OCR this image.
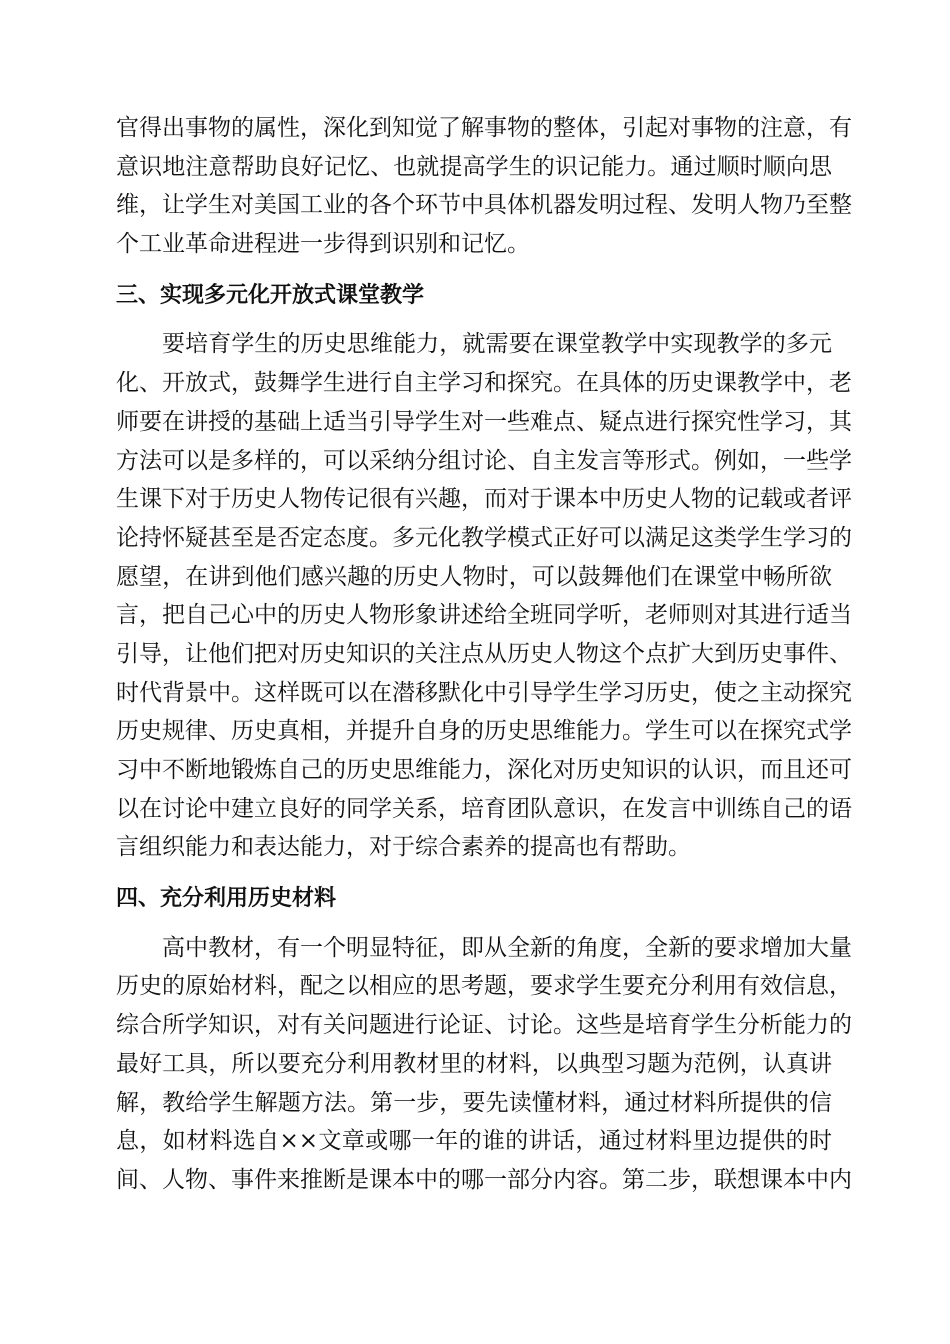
官得出事物的属性，深化到知觉了解事物的整体，引起对事物的注意，有
意识地注意帮助良好记忆、也就提高学生的识记能力。通过顺时顺向思
维，让学生对美国工业的各个环节中具体机器发明过程、发明人物乃至整
个工业革命进程进一步得到识别和记忆。
三、实现多元化开放式课堂教学
要培育学生的历史思维能力，就需要在课堂教学中实现教学的多元
化、开放式，鼓舞学生进行自主学习和探究。在具体的历史课教学中，老
师要在讲授的基础上适当引导学生对一些难点、疑点进行探究性学习，其
方法可以是多样的，可以采纳分组讨论、自主发言等形式。例如，一些学
生课下对于历史人物传记很有兴趣，而对于课本中历史人物的记载或者评
论持怀疑甚至是否定态度。多元化教学模式正好可以满足这类学生学习的
愿望，在讲到他们感兴趣的历史人物时，可以鼓舞他们在课堂中畅所欲
言，把自己心中的历史人物形象讲述给全班同学听，老师则对其进行适当
引导，让他们把对历史知识的关注点从历史人物这个点扩大到历史事件、
时代背景中。这样既可以在潜移默化中引导学生学习历史，使之主动探究
历史规律、历史真相，并提升自身的历史思维能力。学生可以在探究式学
习中不断地锻炼自己的历史思维能力，深化对历史知识的认识，而且还可
以在讨论中建立良好的同学关系，培育团队意识，在发言中训练自己的语
言组织能力和表达能力，对于综合素养的提高也有帮助。
四、充分利用历史材料
高中教材，有一个明显特征，即从全新的角度，全新的要求增加大量
历史的原始材料，配之以相应的思考题，要求学生要充分利用有效信息，
综合所学知识，对有关问题进行论证、讨论。这些是培育学生分析能力的
最好工具，所以要充分利用教材里的材料，以典型习题为范例，认真讲
解，教给学生解题方法。第一步，要先读懂材料，通过材料所提供的信
息，如材料选自××文章或哪一年的谁的讲话，通过材料里边提供的时
间、人物、事件来推断是课本中的哪一部分内容。第二步，联想课本中内
